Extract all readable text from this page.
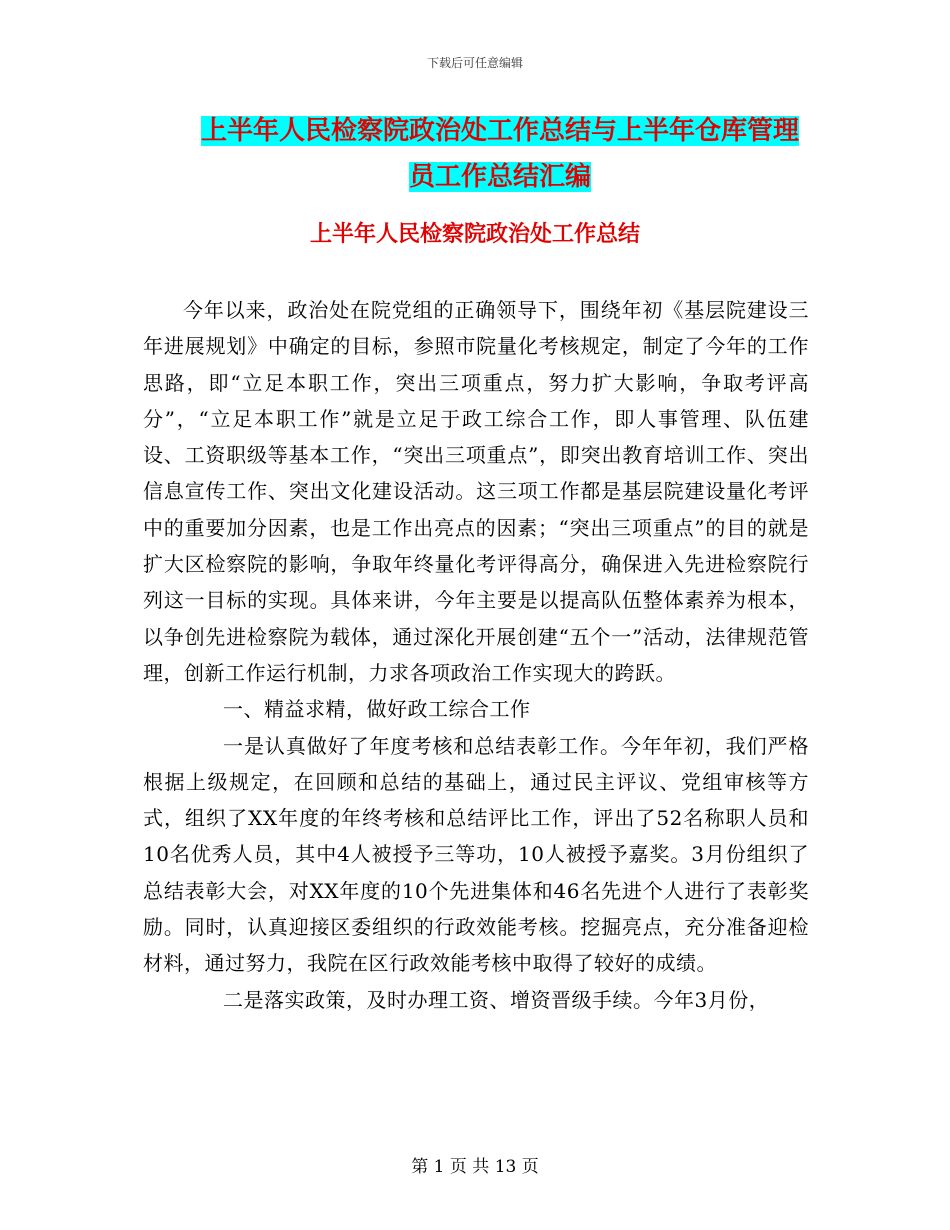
下载后可任意编辑
上半年人民检察院政治处工作总结与上半年仓库管理
员工作总结汇编
上半年人民检察院政治处工作总结

今年以来，政治处在院党组的正确领导下，围绕年初《基层院建设三年进展规划》中确定的目标，参照市院量化考核规定，制定了今年的工作思路，即“立足本职工作，突出三项重点，努力扩大影响，争取考评高分”，“立足本职工作”就是立足于政工综合工作，即人事管理、队伍建设、工资职级等基本工作，“突出三项重点”，即突出教育培训工作、突出信息宣传工作、突出文化建设活动。这三项工作都是基层院建设量化考评中的重要加分因素，也是工作出亮点的因素；“突出三项重点”的目的就是扩大区检察院的影响，争取年终量化考评得高分，确保进入先进检察院行列这一目标的实现。具体来讲，今年主要是以提高队伍整体素养为根本，以争创先进检察院为载体，通过深化开展创建“五个一”活动，法律规范管理，创新工作运行机制，力求各项政治工作实现大的跨跃。

一、精益求精，做好政工综合工作

一是认真做好了年度考核和总结表彰工作。今年年初，我们严格根据上级规定，在回顾和总结的基础上，通过民主评议、党组审核等方式，组织了XX年度的年终考核和总结评比工作，评出了52名称职人员和10名优秀人员，其中4人被授予三等功，10人被授予嘉奖。3月份组织了总结表彰大会，对XX年度的10个先进集体和46名先进个人进行了表彰奖励。同时，认真迎接区委组织的行政效能考核。挖掘亮点，充分准备迎检材料，通过努力，我院在区行政效能考核中取得了较好的成绩。

二是落实政策，及时办理工资、增资晋级手续。今年3月份，

第 1 页 共 13 页
